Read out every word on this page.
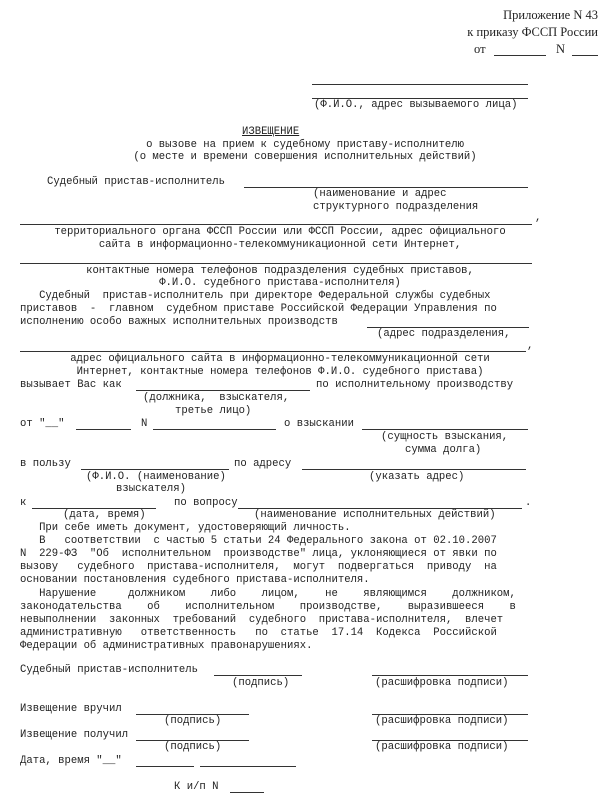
Приложение N 43
к приказу ФССП России
от	N
(Ф.И.О., адрес вызываемого лица)
ИЗВЕЩЕНИЕ
о вызове на прием к судебному приставу-исполнителю
(о месте и времени совершения исполнительных действий)
Судебный пристав-исполнитель
(наименование и адрес
структурного подразделения
,
территориального органа ФССП России или ФССП России, адрес официального
сайта в информационно-телекоммуникационной сети Интернет,
контактные номера телефонов подразделения судебных приставов,
Ф.И.О. судебного пристава-исполнителя)
Судебный  пристав-исполнитель при директоре Федеральной службы судебных
приставов  -  главном  судебном приставе Российской Федерации Управления по
исполнению особо важных исполнительных производств
(адрес подразделения,
,
адрес официального сайта в информационно-телекоммуникационной сети
Интернет, контактные номера телефонов Ф.И.О. судебного пристава)
вызывает Вас как	по исполнительному производству
(должника,  взыскателя,
третье лицо)
от "__"	N	о взыскании
(сущность взыскания,
сумма долга)
в пользу	по адресу
(Ф.И.О. (наименование)	(указать адрес)
взыскателя)
к	по вопросу	.
(дата, время)	(наименование исполнительных действий)
При себе иметь документ, удостоверяющий личность.
В   соответствии  с частью 5 статьи 24 Федерального закона от 02.10.2007
N  229-ФЗ  "Об  исполнительном  производстве" лица, уклоняющиеся от явки по
вызову   судебного  пристава-исполнителя,  могут  подвергаться  приводу  на
основании постановления судебного пристава-исполнителя.
Нарушение     должником    либо    лицом,    не    являющимся    должником,
законодательства    об    исполнительном    производстве,    выразившееся    в
невыполнении  законных  требований  судебного  пристава-исполнителя,  влечет
административную   ответственность   по  статье  17.14  Кодекса  Российской
Федерации об административных правонарушениях.
Судебный пристав-исполнитель
(подпись)	(расшифровка подписи)
Извещение вручил
(подпись)	(расшифровка подписи)
Извещение получил
(подпись)	(расшифровка подписи)
Дата, время "__"
К и/п N
